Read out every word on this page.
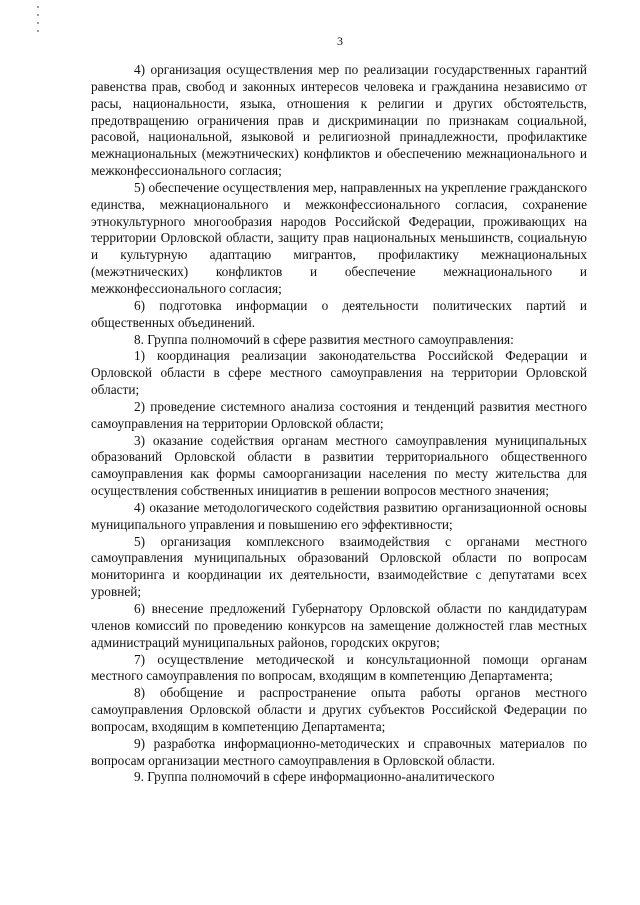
3

4) организация осуществления мер по реализации государственных гарантий равенства прав, свобод и законных интересов человека и гражданина независимо от расы, национальности, языка, отношения к религии и других обстоятельств, предотвращению ограничения прав и дискриминации по признакам социальной, расовой, национальной, языковой и религиозной принадлежности, профилактике межнациональных (межэтнических) конфликтов и обеспечению межнационального и межконфессионального согласия;

5) обеспечение осуществления мер, направленных на укрепление гражданского единства, межнационального и межконфессионального согласия, сохранение этнокультурного многообразия народов Российской Федерации, проживающих на территории Орловской области, защиту прав национальных меньшинств, социальную и культурную адаптацию мигрантов, профилактику межнациональных (межэтнических) конфликтов и обеспечение межнационального и межконфессионального согласия;

6) подготовка информации о деятельности политических партий и общественных объединений.

8. Группа полномочий в сфере развития местного самоуправления:

1) координация реализации законодательства Российской Федерации и Орловской области в сфере местного самоуправления на территории Орловской области;

2) проведение системного анализа состояния и тенденций развития местного самоуправления на территории Орловской области;

3) оказание содействия органам местного самоуправления муниципальных образований Орловской области в развитии территориального общественного самоуправления как формы самоорганизации населения по месту жительства для осуществления собственных инициатив в решении вопросов местного значения;

4) оказание методологического содействия развитию организационной основы муниципального управления и повышению его эффективности;

5) организация комплексного взаимодействия с органами местного самоуправления муниципальных образований Орловской области по вопросам мониторинга и координации их деятельности, взаимодействие с депутатами всех уровней;

6) внесение предложений Губернатору Орловской области по кандидатурам членов комиссий по проведению конкурсов на замещение должностей глав местных администраций муниципальных районов, городских округов;

7) осуществление методической и консультационной помощи органам местного самоуправления по вопросам, входящим в компетенцию Департамента;

8) обобщение и распространение опыта работы органов местного самоуправления Орловской области и других субъектов Российской Федерации по вопросам, входящим в компетенцию Департамента;

9) разработка информационно-методических и справочных материалов по вопросам организации местного самоуправления в Орловской области.

9. Группа полномочий в сфере информационно-аналитического
